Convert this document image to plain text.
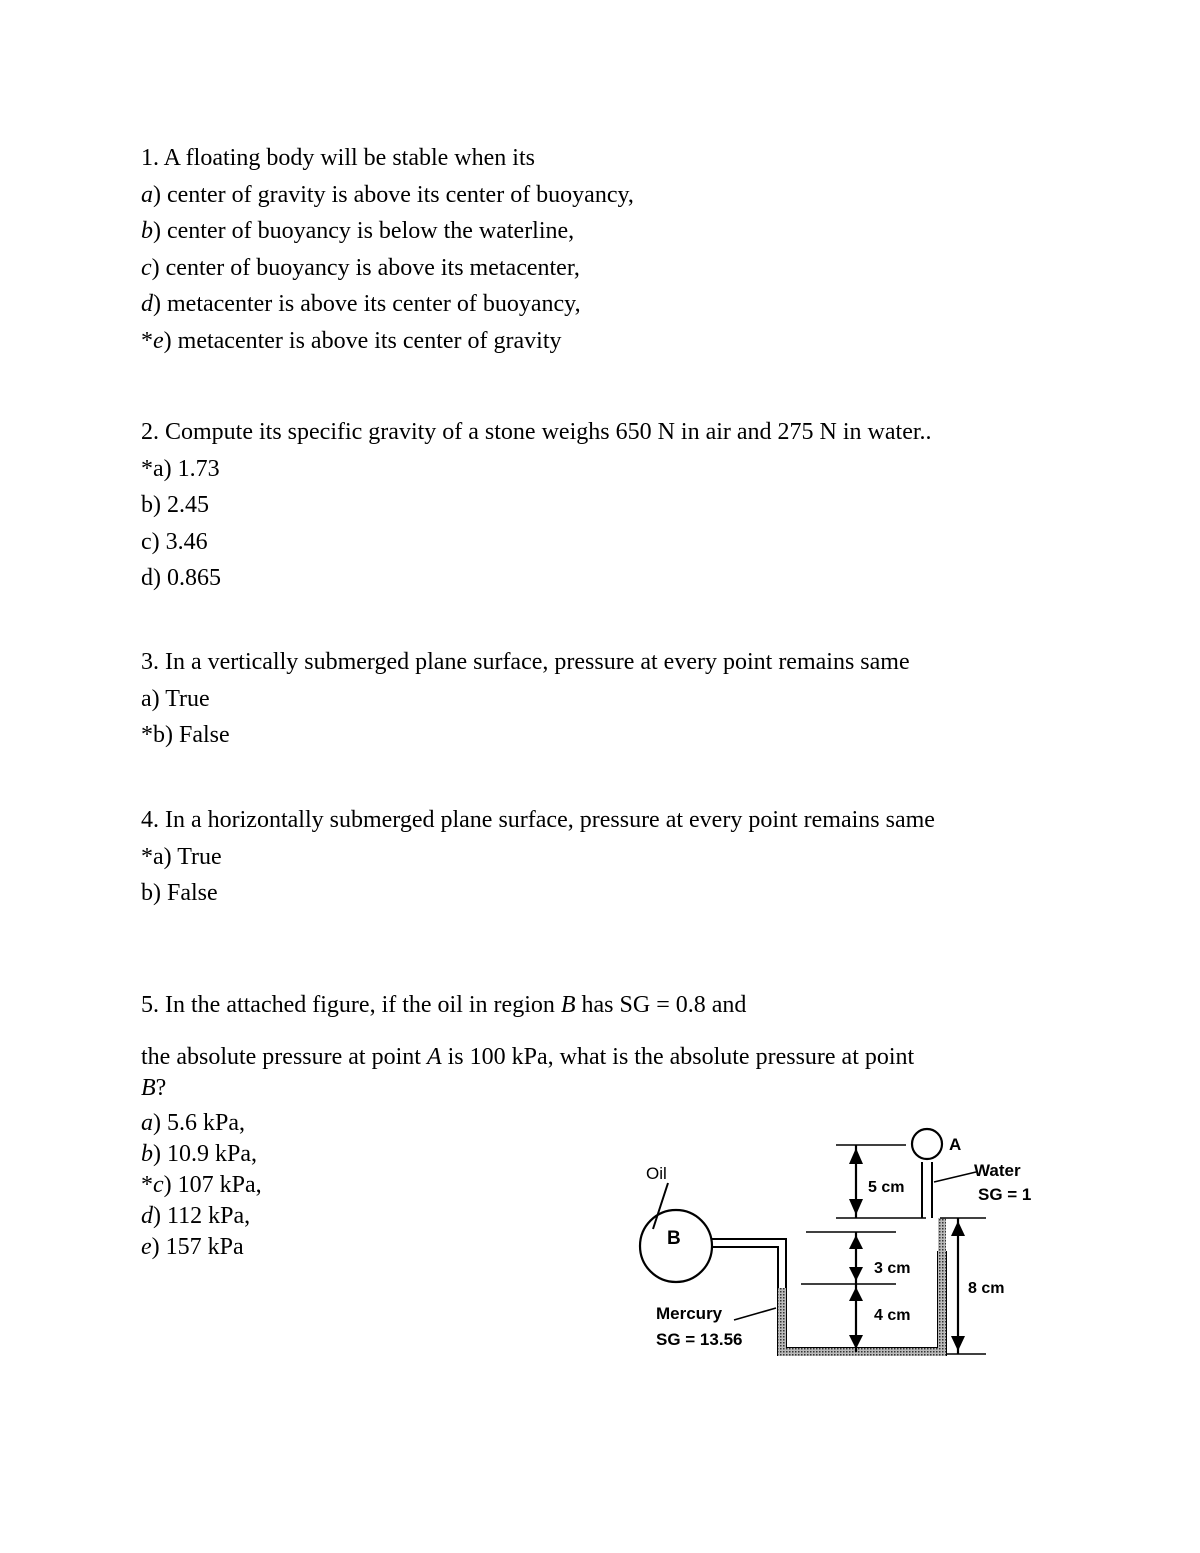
1. A floating body will be stable when its
a) center of gravity is above its center of buoyancy,
b) center of buoyancy is below the waterline,
c) center of buoyancy is above its metacenter,
d) metacenter is above its center of buoyancy,
*e) metacenter is above its center of gravity
2. Compute its specific gravity of a stone weighs 650 N in air and 275 N in water..
*a) 1.73
b) 2.45
c) 3.46
d) 0.865
3. In a vertically submerged plane surface, pressure at every point remains same
a) True
*b) False
4. In a horizontally submerged plane surface, pressure at every point remains same
*a) True
b) False
5. In the attached figure, if the oil in region B has SG = 0.8 and
the absolute pressure at point A is 100 kPa, what is the absolute pressure at point
B?
a) 5.6 kPa,
b) 10.9 kPa,
*c) 107 kPa,
d) 112 kPa,
e) 157 kPa
Oil
B
A
Water
SG = 1
5 cm
3 cm
4 cm
8 cm
Mercury
SG = 13.56
